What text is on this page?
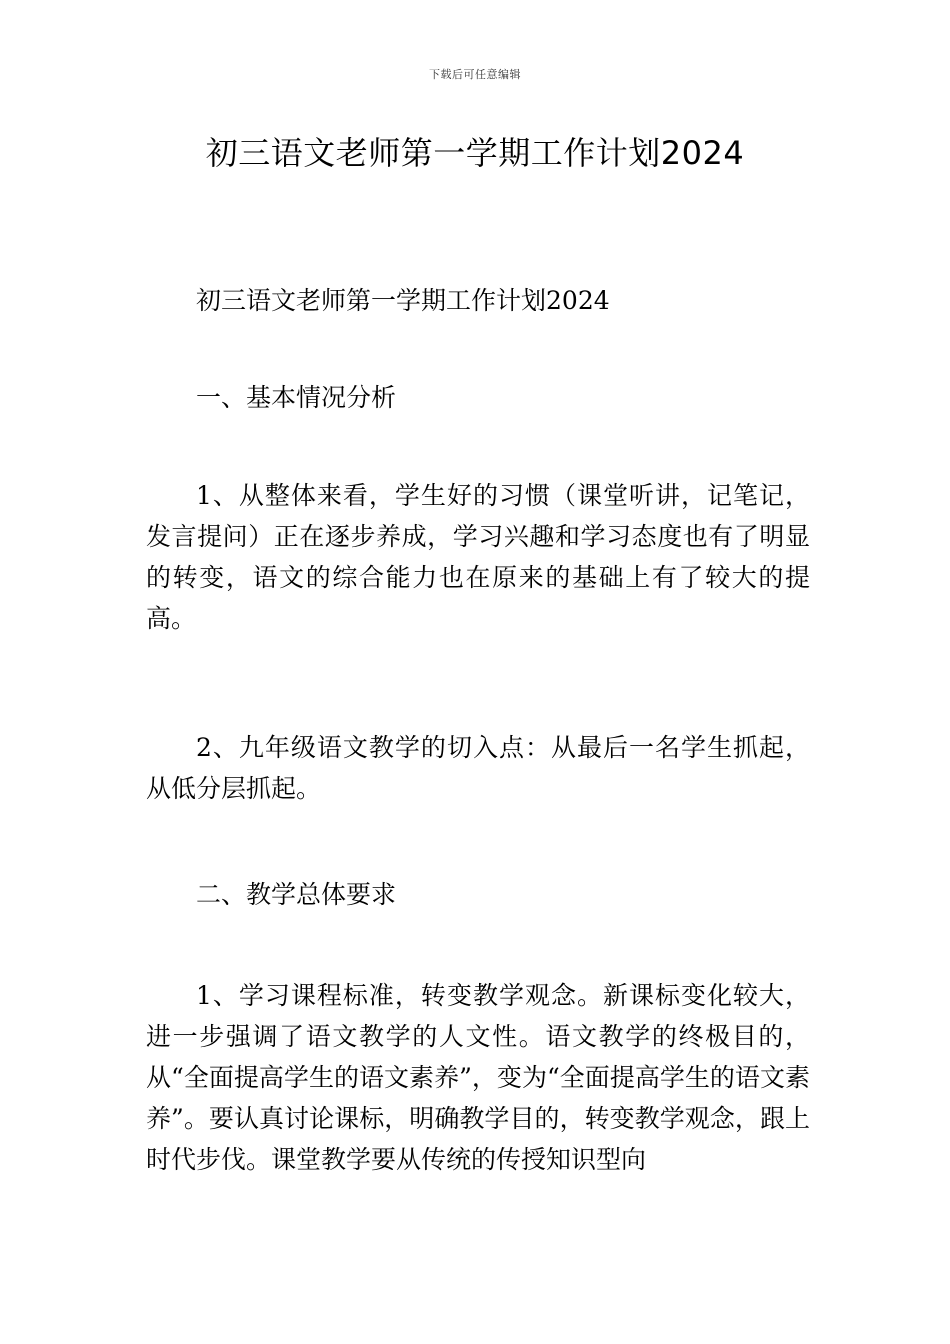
下载后可任意编辑
初三语文老师第一学期工作计划2024

初三语文老师第一学期工作计划2024

一、基本情况分析

1、从整体来看，学生好的习惯（课堂听讲，记笔记，发言提问）正在逐步养成，学习兴趣和学习态度也有了明显的转变，语文的综合能力也在原来的基础上有了较大的提高。

2、九年级语文教学的切入点：从最后一名学生抓起，从低分层抓起。

二、教学总体要求

1、学习课程标准，转变教学观念。新课标变化较大，进一步强调了语文教学的人文性。语文教学的终极目的，从“全面提高学生的语文素养”，变为“全面提高学生的语文素养”。要认真讨论课标，明确教学目的，转变教学观念，跟上时代步伐。课堂教学要从传统的传授知识型向
